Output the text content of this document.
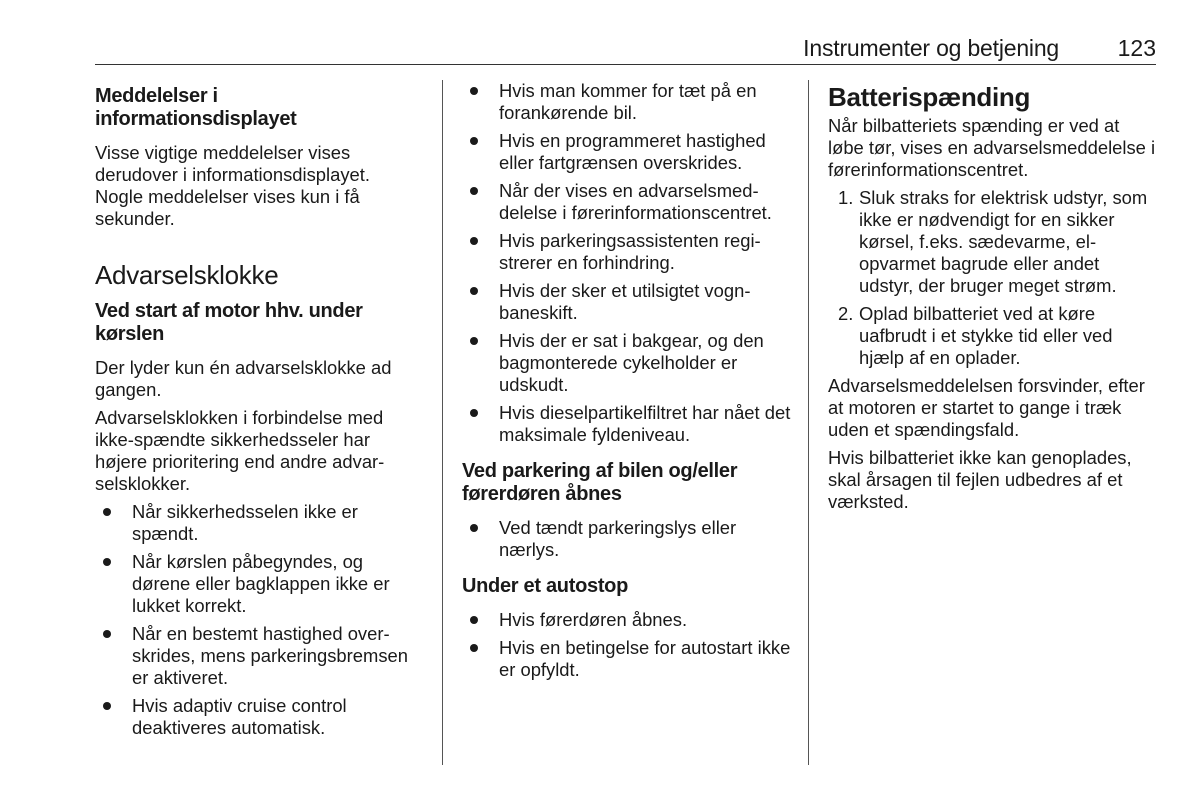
Instrumenter og betjening	123
Meddelelser i informationsdisplayet

Visse vigtige meddelelser vises derudover i informationsdisplayet. Nogle meddelelser vises kun i få sekunder.

Advarselsklokke
Ved start af motor hhv. under kørslen

Der lyder kun én advarselsklokke ad gangen.

Advarselsklokken i forbindelse med ikke-spændte sikkerhedsseler har højere prioritering end andre advarselsklokker.

Når sikkerhedsselen ikke er spændt.
Når kørslen påbegyndes, og dørene eller bagklappen ikke er lukket korrekt.
Når en bestemt hastighed overskrides, mens parkeringsbremsen er aktiveret.
Hvis adaptiv cruise control deaktiveres automatisk.
Hvis man kommer for tæt på en forankørende bil.
Hvis en programmeret hastighed eller fartgrænsen overskrides.
Når der vises en advarselsmeddelelse i førerinformationscentret.
Hvis parkeringsassistenten registrerer en forhindring.
Hvis der sker et utilsigtet vognbaneskift.
Hvis der er sat i bakgear, og den bagmonterede cykelholder er udskudt.
Hvis dieselpartikelfiltret har nået det maksimale fyldeniveau.
Ved parkering af bilen og/eller førerdøren åbnes
Ved tændt parkeringslys eller nærlys.
Under et autostop
Hvis førerdøren åbnes.
Hvis en betingelse for autostart ikke er opfyldt.
Batterispænding

Når bilbatteriets spænding er ved at løbe tør, vises en advarselsmeddelelse i førerinformationscentret.

1. Sluk straks for elektrisk udstyr, som ikke er nødvendigt for en sikker kørsel, f.eks. sædevarme, el-opvarmet bagrude eller andet udstyr, der bruger meget strøm.
2. Oplad bilbatteriet ved at køre uafbrudt i et stykke tid eller ved hjælp af en oplader.

Advarselsmeddelelsen forsvinder, efter at motoren er startet to gange i træk uden et spændingsfald.

Hvis bilbatteriet ikke kan genoplades, skal årsagen til fejlen udbedres af et værksted.
